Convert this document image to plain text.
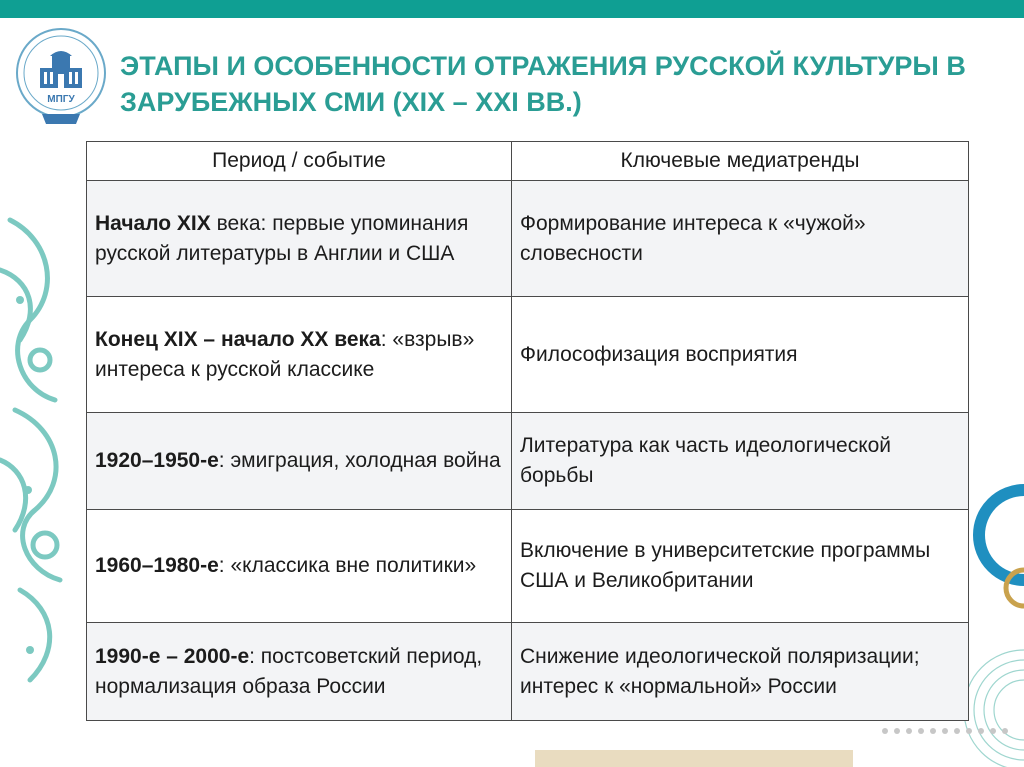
МПГУ
ЭТАПЫ И ОСОБЕННОСТИ ОТРАЖЕНИЯ РУССКОЙ КУЛЬТУРЫ В ЗАРУБЕЖНЫХ СМИ (XIX – XXI ВВ.)
Период / событие	Ключевые медиатренды
Начало XIX века: первые упоминания русской литературы в Англии и США	Формирование интереса к «чужой» словесности
Конец XIX – начало XX века: «взрыв» интереса к русской классике	Философизация восприятия
1920–1950-е: эмиграция, холодная война	Литература как часть идеологической борьбы
1960–1980-е: «классика вне политики»	Включение в университетские программы США и Великобритании
1990-е – 2000-е: постсоветский период, нормализация образа России	Снижение идеологической поляризации; интерес к «нормальной» России
